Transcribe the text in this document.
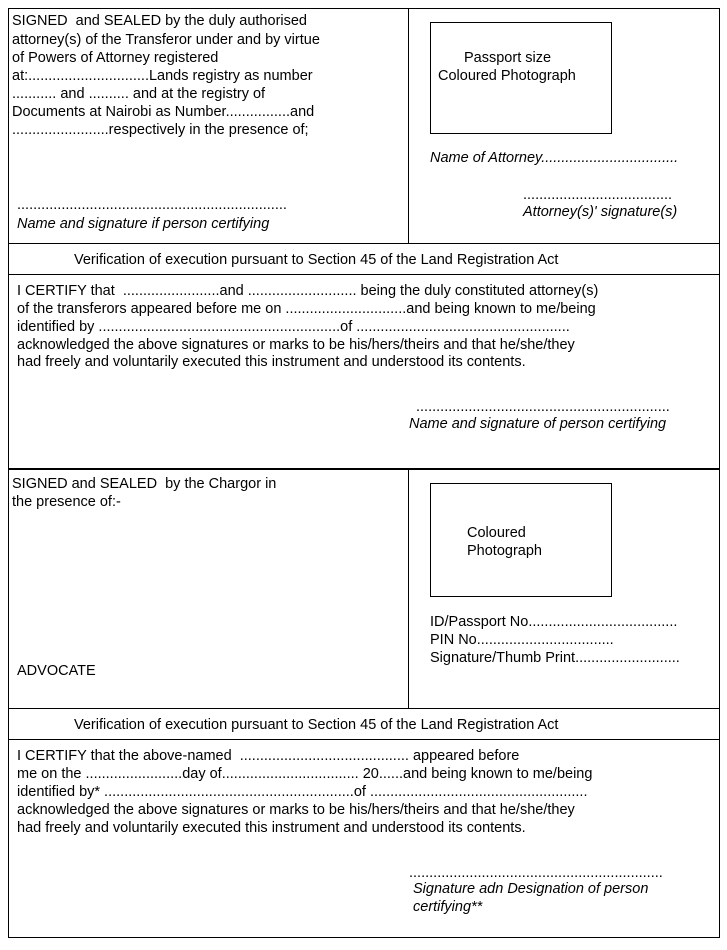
SIGNED  and SEALED by the duly authorised
attorney(s) of the Transferor under and by virtue
of Powers of Attorney registered
at:..............................Lands registry as number
........... and .......... and at the registry of
Documents at Nairobi as Number................and
........................respectively in the presence of;
...................................................................
Name and signature if person certifying
Passport size
Coloured Photograph
Name of Attorney..................................
.....................................
Attorney(s)' signature(s)
Verification of execution pursuant to Section 45 of the Land Registration Act
I CERTIFY that  ........................and ........................... being the duly constituted attorney(s)
of the transferors appeared before me on ..............................and being known to me/being
identified by ............................................................of .....................................................
acknowledged the above signatures or marks to be his/hers/theirs and that he/she/they
had freely and voluntarily executed this instrument and understood its contents.
...............................................................
Name and signature of person certifying
SIGNED and SEALED  by the Chargor in
the presence of:-
ADVOCATE
Coloured
Photograph
ID/Passport No.....................................
PIN No..................................
Signature/Thumb Print..........................
Verification of execution pursuant to Section 45 of the Land Registration Act
I CERTIFY that the above-named  .......................................... appeared before
me on the ........................day of.................................. 20......and being known to me/being
identified by* ..............................................................of ......................................................
acknowledged the above signatures or marks to be his/hers/theirs and that he/she/they
had freely and voluntarily executed this instrument and understood its contents.
...............................................................
Signature adn Designation of person
certifying**
